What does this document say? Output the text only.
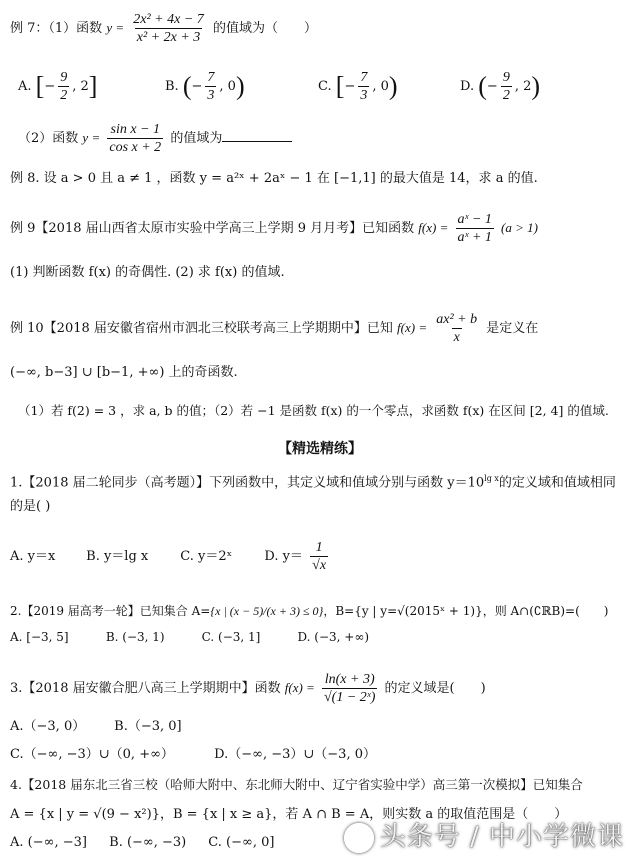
例 7：（1）函数 $y = \frac{\text{2x² + 4x − 7}}{\text{x² + 2x + 3}}$ 的值域为（　　）
A. [− $\frac{9}{2}$ , 2]	B. (− $\frac{7}{3}$ , 0)	C. [− $\frac{7}{3}$ , 0)	D. (− $\frac{9}{2}$ , 2)
（2）函数 $y = \frac{\text{sin x − 1}}{\text{cos x + 2}}$ 的值域为
例 8. 设 a > 0 且 a ≠ 1 ，函数 y = a²ˣ + 2aˣ − 1 在 [−1,1] 的最大值是 14，求 a 的值.
例 9【2018 届山西省太原市实验中学高三上学期 9 月月考】已知函数 $f(x) = \frac{\text{aˣ − 1}}{\text{aˣ + 1}} (a > 1)$
(1) 判断函数 f(x) 的奇偶性. (2) 求 f(x) 的值域.
例 10【2018 届安徽省宿州市泗北三校联考高三上学期期中】已知 $f(x) = \frac{\text{ax² + b}}{x}$ 是定义在
(−∞, b−3] ∪ [b−1, +∞) 上的奇函数.
（1）若 f(2) = 3 ，求 a, b 的值；（2）若 −1 是函数 f(x) 的一个零点，求函数 f(x) 在区间 [2, 4] 的值域.
【精选精练】
1.【2018 届二轮同步（高考题）】下列函数中，其定义域和值域分别与函数 $y=10^{lg x}$的定义域和值域相同
的是( )
A. y＝x B. y＝lg x C. y＝2ˣ D. $y= \frac{1}{√x}$
2.【2019 届高考一轮】已知集合 A={x | (x − 5)/(x + 3) ≤ 0}，B={y | y=√(2015ˣ + 1)}，则 A∩(∁ℝB)=(　　)
A. [−3, 5]	B. (−3, 1)	C. (−3, 1]	D. (−3, +∞)
3.【2018 届安徽合肥八高三上学期期中】函数 $f(x) = \frac{\ln(x + 3)}{\text{√(1 − 2ˣ)}}$ 的定义域是(　　)
A.（−3, 0） B.（−3, 0]
C.（−∞, −3）∪（0, +∞）	D.（−∞, −3）∪（−3, 0）
4.【2018 届东北三省三校（哈师大附中、东北师大附中、辽宁省实验中学）高三第一次模拟】已知集合
A = {x | y = √(9 − x²)}，B = {x | x ≥ a}，若 A ∩ B = A，则实数 a 的取值范围是（　　）
A. (−∞, −3] B. (−∞, −3) C. (−∞, 0]	头条号 / 中小学微课
